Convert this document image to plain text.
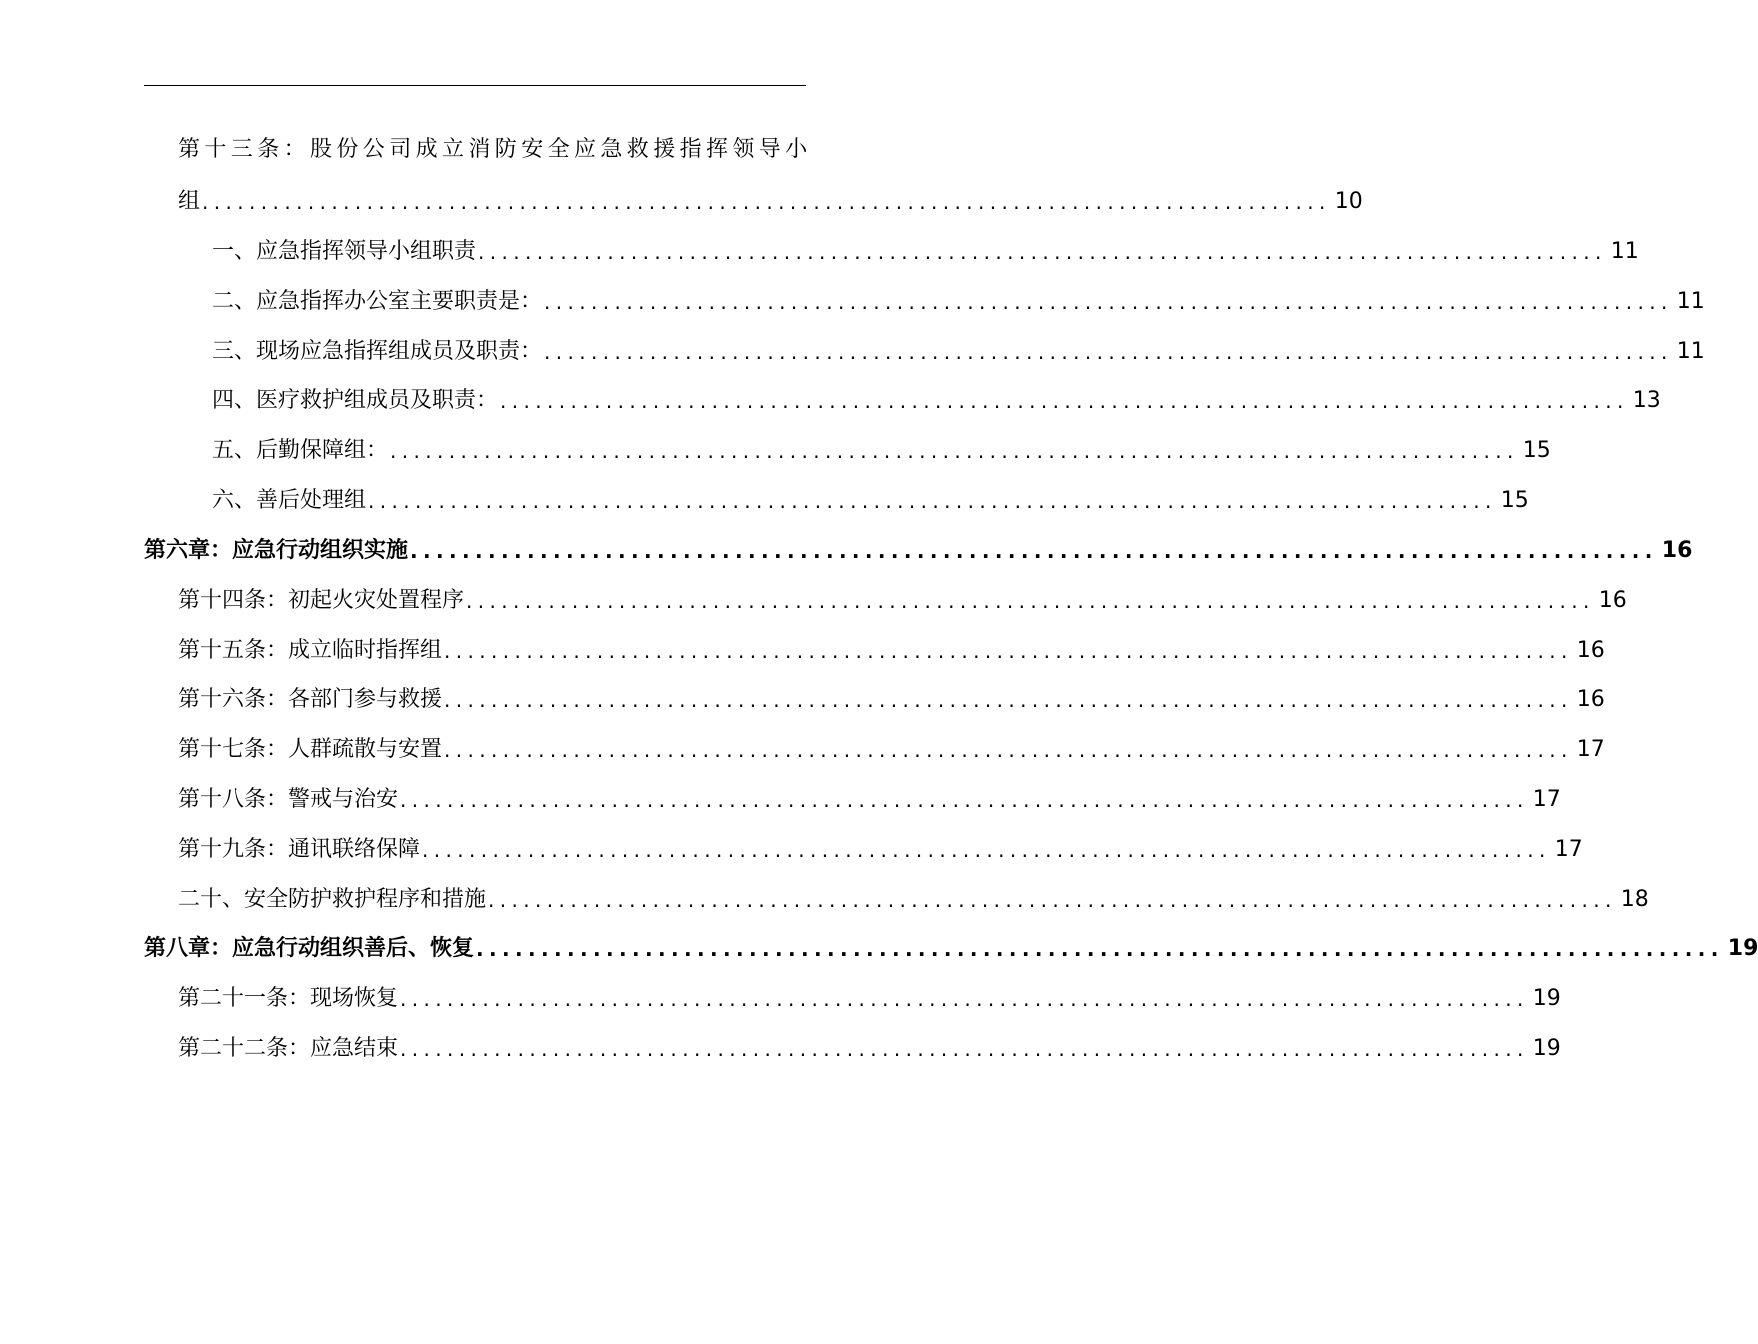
第十三条：股份公司成立消防安全应急救援指挥领导小
组 ................................................................................................ 10
一、应急指挥领导小组职责 ................................................................................................ 11
二、应急指挥办公室主要职责是： ................................................................................................ 11
三、现场应急指挥组成员及职责： ................................................................................................ 11
四、医疗救护组成员及职责： ................................................................................................ 13
五、后勤保障组： ................................................................................................ 15
六、善后处理组 ................................................................................................ 15
第六章：应急行动组织实施 ................................................................................................ 16
第十四条：初起火灾处置程序 ................................................................................................ 16
第十五条：成立临时指挥组 ................................................................................................ 16
第十六条：各部门参与救援 ................................................................................................ 16
第十七条：人群疏散与安置 ................................................................................................ 17
第十八条：警戒与治安 ................................................................................................ 17
第十九条：通讯联络保障 ................................................................................................ 17
二十、安全防护救护程序和措施 ................................................................................................ 18
第八章：应急行动组织善后、恢复 ................................................................................................ 19
第二十一条：现场恢复 ................................................................................................ 19
第二十二条：应急结束 ................................................................................................ 19
